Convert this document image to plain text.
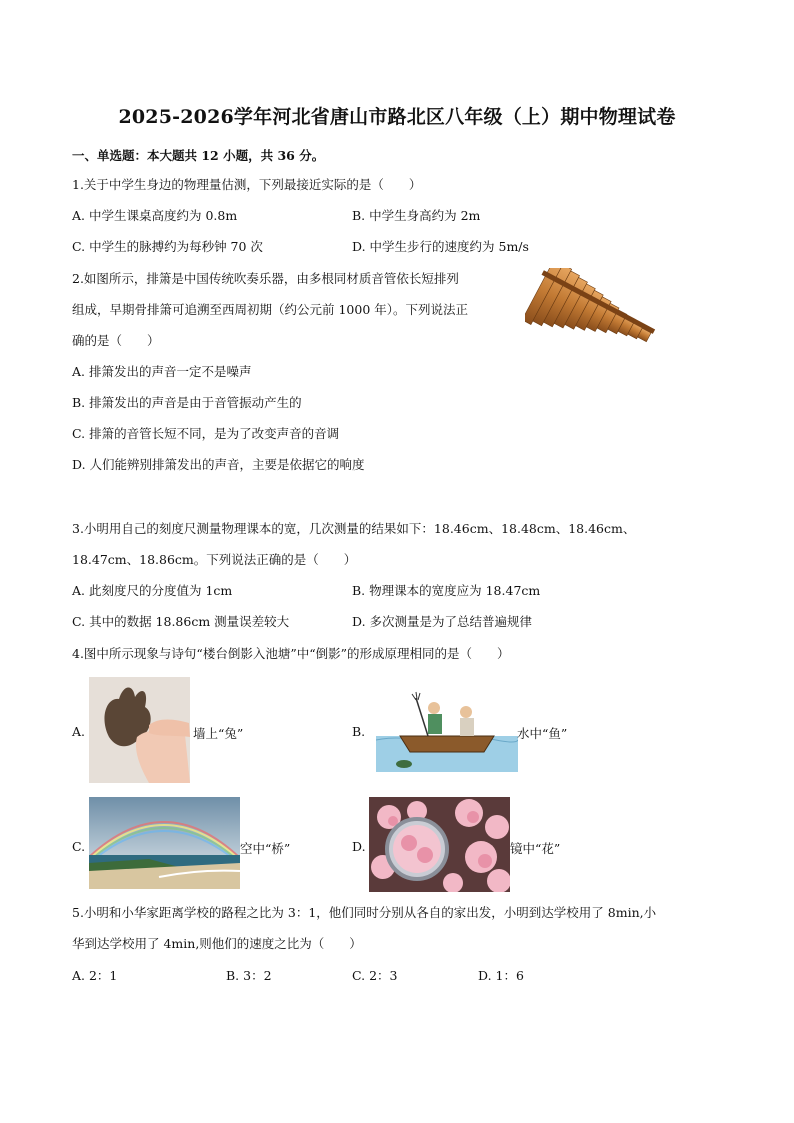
2025-2026学年河北省唐山市路北区八年级（上）期中物理试卷
一、单选题：本大题共 12 小题，共 36 分。
1.关于中学生身边的物理量估测，下列最接近实际的是（　　）
A. 中学生课桌高度约为 0.8m	B. 中学生身高约为 2m
C. 中学生的脉搏约为每秒钟 70 次	D. 中学生步行的速度约为 5m/s
2.如图所示，排箫是中国传统吹奏乐器，由多根同材质音管依长短排列
组成，早期骨排箫可追溯至西周初期（约公元前 1000 年）。下列说法正
确的是（　　）
A. 排箫发出的声音一定不是噪声
B. 排箫发出的声音是由于音管振动产生的
C. 排箫的音管长短不同，是为了改变声音的音调
D. 人们能辨别排箫发出的声音，主要是依据它的响度
3.小明用自己的刻度尺测量物理课本的宽，几次测量的结果如下：18.46cm、18.48cm、18.46cm、
18.47cm、18.86cm。下列说法正确的是（　　）
A. 此刻度尺的分度值为 1cm	B. 物理课本的宽度应为 18.47cm
C. 其中的数据 18.86cm 测量误差较大	D. 多次测量是为了总结普遍规律
4.图中所示现象与诗句“楼台倒影入池塘”中“倒影”的形成原理相同的是（　　）
A.	墙上“兔”	B.	水中“鱼”
C.	空中“桥”	D.	镜中“花”
5.小明和小华家距离学校的路程之比为 3：1，他们同时分别从各自的家出发，小明到达学校用了 8min,小
华到达学校用了 4min,则他们的速度之比为（　　）
A. 2：1	B. 3：2	C. 2：3	D. 1：6
